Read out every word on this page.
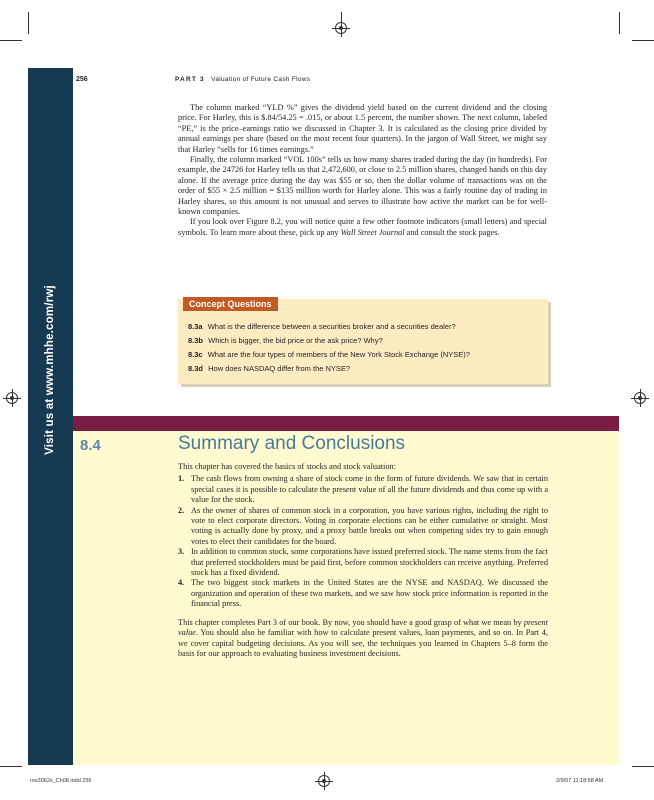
Visit us at www.mhhe.com/rwj
256	PART 3 Valuation of Future Cash Flows

The column marked “YLD %” gives the dividend yield based on the current dividend and the closing price. For Harley, this is $.84/54.25 = .015, or about 1.5 percent, the number shown. The next column, labeled “PE,” is the price–earnings ratio we discussed in Chapter 3. It is calculated as the closing price divided by annual earnings per share (based on the most recent four quarters). In the jargon of Wall Street, we might say that Harley “sells for 16 times earnings.”

Finally, the column marked “VOL 100s” tells us how many shares traded during the day (in hundreds). For example, the 24726 for Harley tells us that 2,472,600, or close to 2.5 million shares, changed hands on this day alone. If the average price during the day was $55 or so, then the dollar volume of transactions was on the order of $55 × 2.5 million = $135 million worth for Harley alone. This was a fairly routine day of trading in Harley shares, so this amount is not unusual and serves to illustrate how active the market can be for well-known companies.

If you look over Figure 8.2, you will notice quite a few other footnote indicators (small letters) and special symbols. To learn more about these, pick up any Wall Street Journal and consult the stock pages.

Concept Questions
8.3a What is the difference between a securities broker and a securities dealer?
8.3b Which is bigger, the bid price or the ask price? Why?
8.3c What are the four types of members of the New York Stock Exchange (NYSE)?
8.3d How does NASDAQ differ from the NYSE?
8.4	Summary and Conclusions

This chapter has covered the basics of stocks and stock valuation:

1. The cash flows from owning a share of stock come in the form of future dividends. We saw that in certain special cases it is possible to calculate the present value of all the future dividends and thus come up with a value for the stock.
2. As the owner of shares of common stock in a corporation, you have various rights, including the right to vote to elect corporate directors. Voting in corporate elections can be either cumulative or straight. Most voting is actually done by proxy, and a proxy battle breaks out when competing sides try to gain enough votes to elect their candidates for the board.
3. In addition to common stock, some corporations have issued preferred stock. The name stems from the fact that preferred stockholders must be paid first, before common stockholders can receive anything. Preferred stock has a fixed dividend.
4. The two biggest stock markets in the United States are the NYSE and NASDAQ. We discussed the organization and operation of these two markets, and we saw how stock price information is reported in the financial press.

This chapter completes Part 3 of our book. By now, you should have a good grasp of what we mean by present value. You should also be familiar with how to calculate present values, loan payments, and so on. In Part 4, we cover capital budgeting decisions. As you will see, the techniques you learned in Chapters 5–8 form the basis for our approach to evaluating business investment decisions.

ros3062x_Ch08.indd 256	2/9/07 11:18:58 AM
